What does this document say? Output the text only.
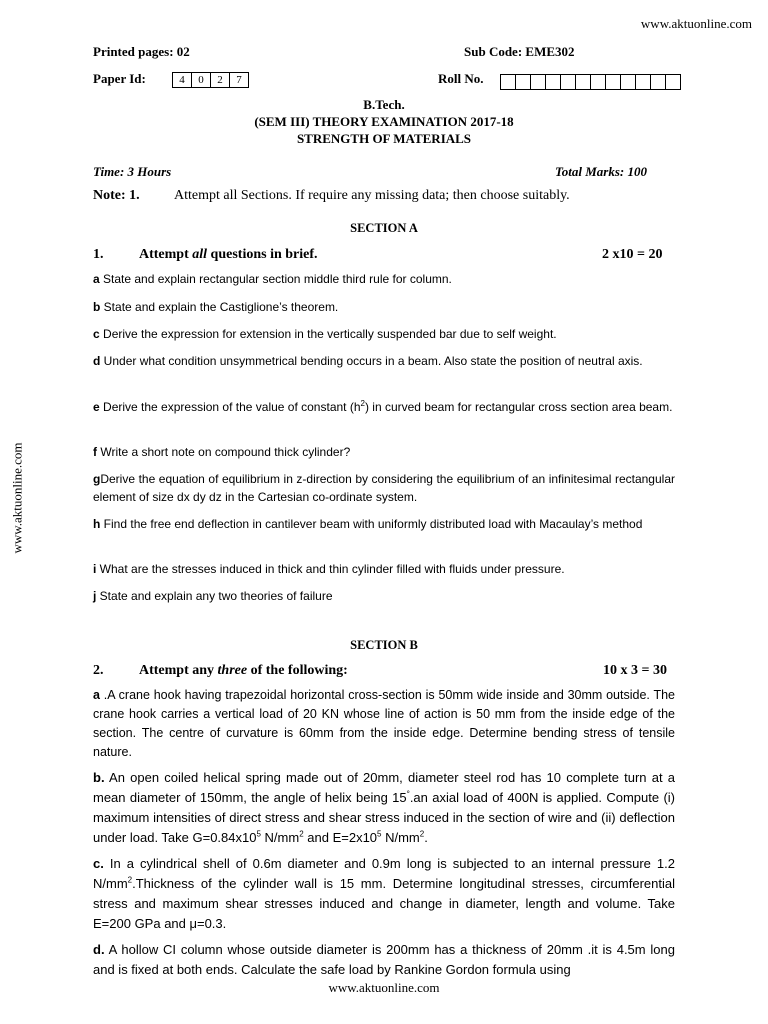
www.aktuonline.com
www.aktuonline.com
Printed pages: 02	Sub Code: EME302
Paper Id:	4	0	2	7	Roll No.
B.Tech.
(SEM III) THEORY EXAMINATION 2017-18
STRENGTH OF MATERIALS
Time: 3 Hours	Total Marks: 100
Note: 1. Attempt all Sections. If require any missing data; then choose suitably.
SECTION A
1.	Attempt all questions in brief.	2 x10 = 20
a State and explain rectangular section middle third rule for column.
b State and explain the Castiglione’s theorem.
c Derive the expression for extension in the vertically suspended bar due to self weight.
d Under what condition unsymmetrical bending occurs in a beam. Also state the position of neutral axis.
e Derive the expression of the value of constant $(h^2)$ in curved beam for rectangular cross section area beam.
f Write a short note on compound thick cylinder?
gDerive the equation of equilibrium in z-direction by considering the equilibrium of an infinitesimal rectangular element of size dx dy dz in the Cartesian co-ordinate system.
h Find the free end deflection in cantilever beam with uniformly distributed load with Macaulay’s method
i What are the stresses induced in thick and thin cylinder filled with fluids under pressure.
j State and explain any two theories of failure
SECTION B
2.	Attempt any three of the following:	10 x 3 = 30
a .A crane hook having trapezoidal horizontal cross-section is 50mm wide inside and 30mm outside. The crane hook carries a vertical load of 20 KN whose line of action is 50 mm from the inside edge of the section. The centre of curvature is 60mm from the inside edge. Determine bending stress of tensile nature.
b. An open coiled helical spring made out of 20mm, diameter steel rod has 10 complete turn at a mean diameter of 150mm, the angle of helix being 15°.an axial load of 400N is applied. Compute (i) maximum intensities of direct stress and shear stress induced in the section of wire and (ii) deflection under load. Take $G=0.84x10^5$ $N/mm^2$ and $E=2x10^5$ $N/mm^2$.
c. In a cylindrical shell of 0.6m diameter and 0.9m long is subjected to an internal pressure 1.2 $N/mm^2.Thickness$ of the cylinder wall is 15 mm. Determine longitudinal stresses, circumferential stress and maximum shear stresses induced and change in diameter, length and volume. Take E=200 GPa and μ=0.3.
d. A hollow CI column whose outside diameter is 200mm has a thickness of 20mm .it is 4.5m long and is fixed at both ends. Calculate the safe load by Rankine Gordon formula using
www.aktuonline.com
